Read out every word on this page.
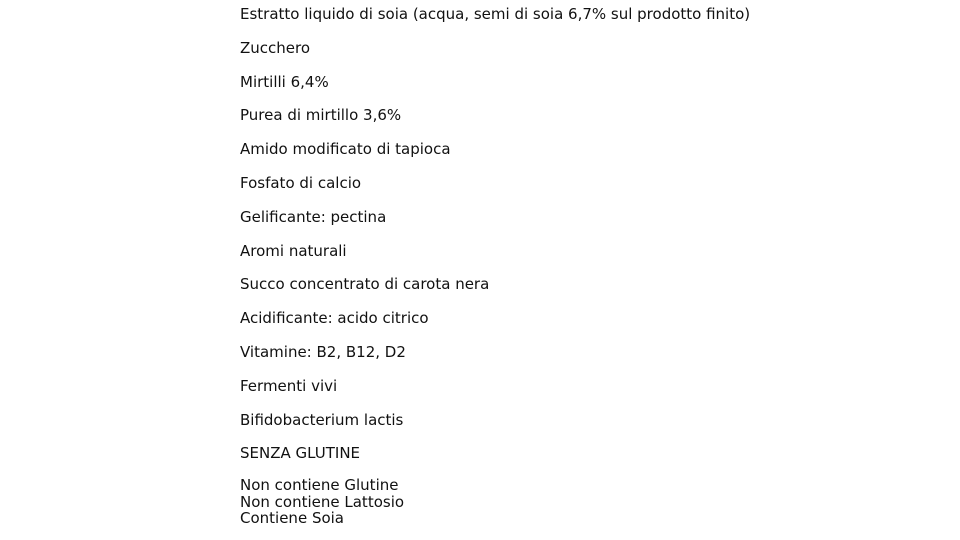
Estratto liquido di soia (acqua, semi di soia 6,7% sul prodotto finito)
Zucchero
Mirtilli 6,4%
Purea di mirtillo 3,6%
Amido modificato di tapioca
Fosfato di calcio
Gelificante: pectina
Aromi naturali
Succo concentrato di carota nera
Acidificante: acido citrico
Vitamine: B2, B12, D2
Fermenti vivi
Bifidobacterium lactis
SENZA GLUTINE
Non contiene Glutine
Non contiene Lattosio
Contiene Soia
